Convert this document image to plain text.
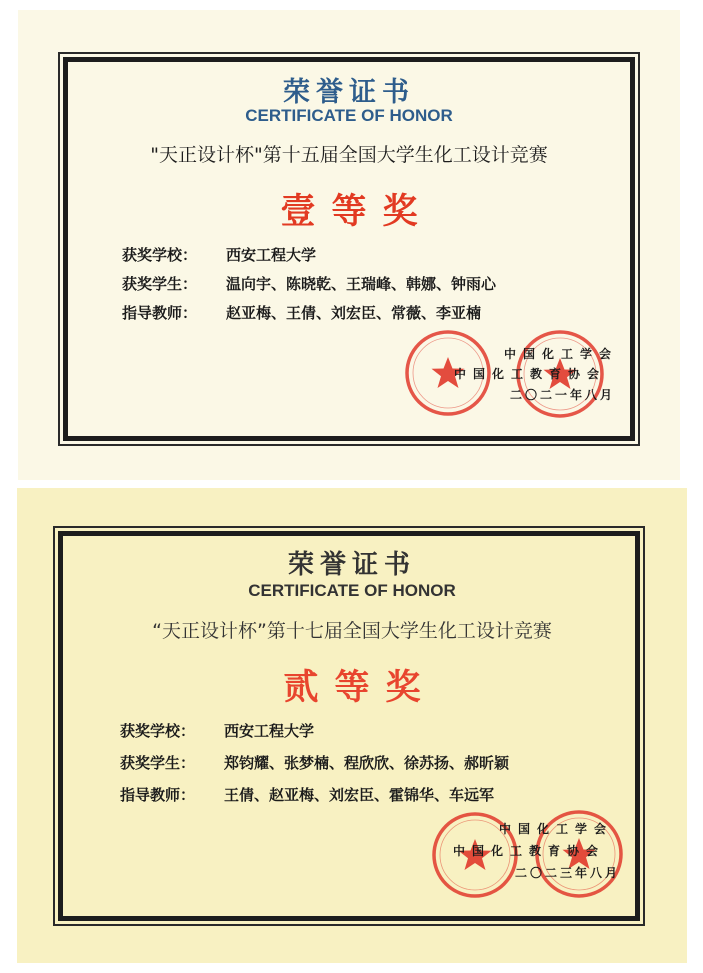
荣誉证书
CERTIFICATE OF HONOR
"天正设计杯"第十五届全国大学生化工设计竞赛
壹等奖
获奖学校： 西安工程大学
获奖学生： 温向宇、陈晓乾、王瑞峰、韩娜、钟雨心
指导教师： 赵亚梅、王倩、刘宏臣、常薇、李亚楠
中国化工学会
中国化工教育协会
二〇二一年八月
荣誉证书
CERTIFICATE OF HONOR
“天正设计杯”第十七届全国大学生化工设计竞赛
贰等奖
获奖学校： 西安工程大学
获奖学生： 郑钧耀、张梦楠、程欣欣、徐苏扬、郝昕颖
指导教师： 王倩、赵亚梅、刘宏臣、霍锦华、车远军
中国化工学会
中国化工教育协会
二〇二三年八月
